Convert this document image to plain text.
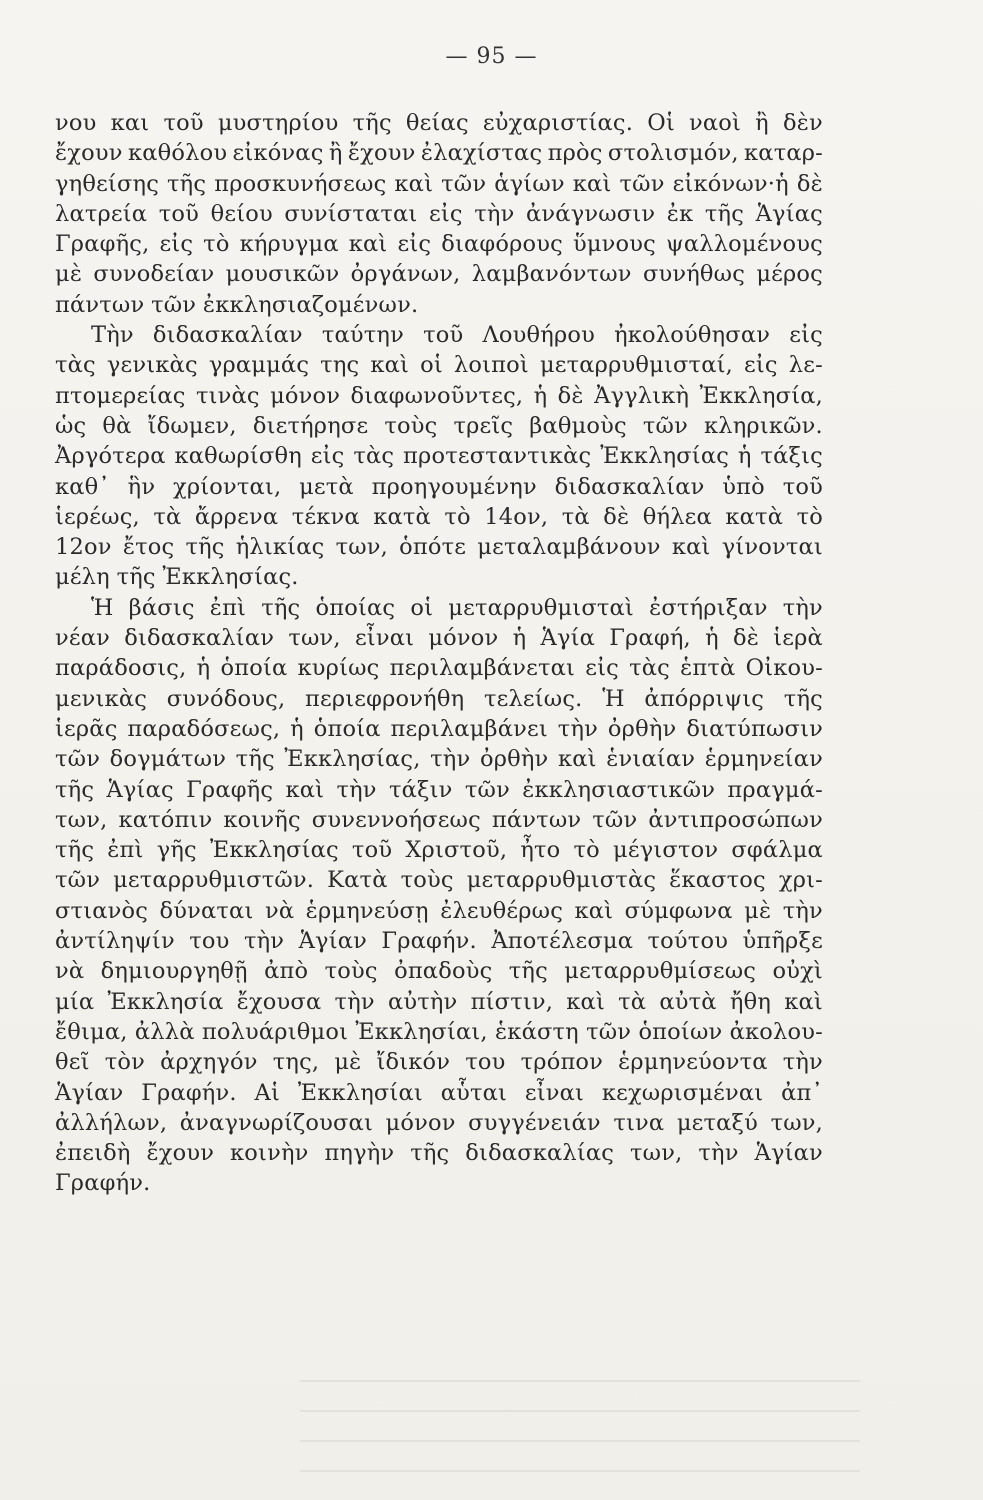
— 95 —
νου και τοῦ μυστηρίου τῆς θείας εὐχαριστίας. Οἱ ναοὶ ἢ δὲν
ἔχουν καθόλου εἰκόνας ἢ ἔχουν ἐλαχίστας πρὸς στολισμόν, καταρ-
γηθείσης τῆς προσκυνήσεως καὶ τῶν ἁγίων καὶ τῶν εἰκόνων·ἡ δὲ
λατρεία τοῦ θείου συνίσταται εἰς τὴν ἀνάγνωσιν ἐκ τῆς Ἁγίας
Γραφῆς, εἰς τὸ κήρυγμα καὶ εἰς διαφόρους ὕμνους ψαλλομένους
μὲ συνοδείαν μουσικῶν ὀργάνων, λαμβανόντων συνήθως μέρος
πάντων τῶν ἐκκλησιαζομένων.
Τὴν διδασκαλίαν ταύτην τοῦ Λουθήρου ἠκολούθησαν εἰς
τὰς γενικὰς γραμμάς της καὶ οἱ λοιποὶ μεταρρυθμισταί, εἰς λε-
πτομερείας τινὰς μόνον διαφωνοῦντες, ἡ δὲ Ἀγγλικὴ Ἐκκλησία,
ὡς θὰ ἴδωμεν, διετήρησε τοὺς τρεῖς βαθμοὺς τῶν κληρικῶν.
Ἀργότερα καθωρίσθη εἰς τὰς προτεσταντικὰς Ἐκκλησίας ἡ τάξις
καθ᾽ ἣν χρίονται, μετὰ προηγουμένην διδασκαλίαν ὑπὸ τοῦ
ἱερέως, τὰ ἄρρενα τέκνα κατὰ τὸ 14ον, τὰ δὲ θήλεα κατὰ τὸ
12ον ἔτος τῆς ἡλικίας των, ὁπότε μεταλαμβάνουν καὶ γίνονται
μέλη τῆς Ἐκκλησίας.
Ἡ βάσις ἐπὶ τῆς ὁποίας οἱ μεταρρυθμισταὶ ἐστήριξαν τὴν
νέαν διδασκαλίαν των, εἶναι μόνον ἡ Ἁγία Γραφή, ἡ δὲ ἱερὰ
παράδοσις, ἡ ὁποία κυρίως περιλαμβάνεται εἰς τὰς ἑπτὰ Οἰκου-
μενικὰς συνόδους, περιεφρονήθη τελείως. Ἡ ἀπόρριψις τῆς
ἱερᾶς παραδόσεως, ἡ ὁποία περιλαμβάνει τὴν ὀρθὴν διατύπωσιν
τῶν δογμάτων τῆς Ἐκκλησίας, τὴν ὀρθὴν καὶ ἑνιαίαν ἑρμηνείαν
τῆς Ἁγίας Γραφῆς καὶ τὴν τάξιν τῶν ἐκκλησιαστικῶν πραγμά-
των, κατόπιν κοινῆς συνεννοήσεως πάντων τῶν ἀντιπροσώπων
τῆς ἐπὶ γῆς Ἐκκλησίας τοῦ Χριστοῦ, ἦτο τὸ μέγιστον σφάλμα
τῶν μεταρρυθμιστῶν. Κατὰ τοὺς μεταρρυθμιστὰς ἕκαστος χρι-
στιανὸς δύναται νὰ ἑρμηνεύσῃ ἐλευθέρως καὶ σύμφωνα μὲ τὴν
ἀντίληψίν του τὴν Ἁγίαν Γραφήν. Ἀποτέλεσμα τούτου ὑπῆρξε
νὰ δημιουργηθῇ ἀπὸ τοὺς ὀπαδοὺς τῆς μεταρρυθμίσεως οὐχὶ
μία Ἐκκλησία ἔχουσα τὴν αὐτὴν πίστιν, καὶ τὰ αὐτὰ ἤθη καὶ
ἔθιμα, ἀλλὰ πολυάριθμοι Ἐκκλησίαι, ἑκάστη τῶν ὁποίων ἀκολου-
θεῖ τὸν ἀρχηγόν της, μὲ ἴδικόν του τρόπον ἑρμηνεύοντα τὴν
Ἁγίαν Γραφήν. Αἱ Ἐκκλησίαι αὗται εἶναι κεχωρισμέναι ἀπ᾽
ἀλλήλων, ἀναγνωρίζουσαι μόνον συγγένειάν τινα μεταξύ των,
ἐπειδὴ ἔχουν κοινὴν πηγὴν τῆς διδασκαλίας των, τὴν Ἁγίαν
Γραφήν.
